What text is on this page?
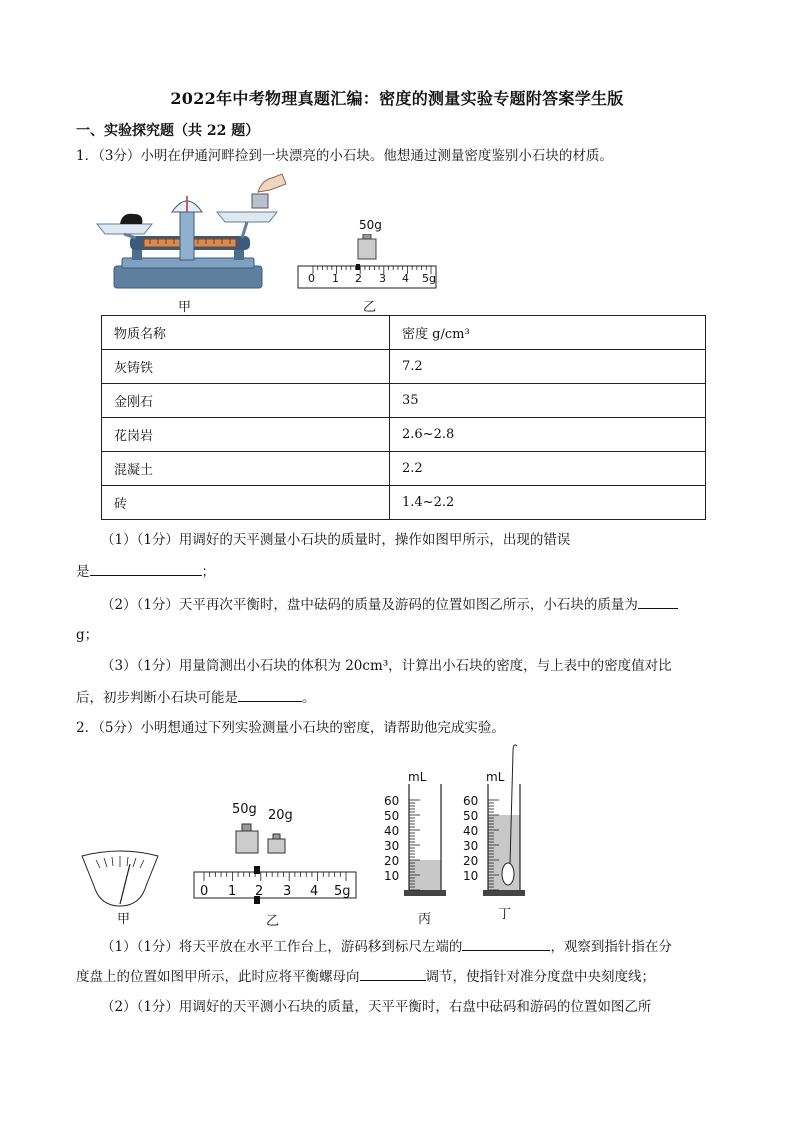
2022年中考物理真题汇编：密度的测量实验专题附答案学生版
一、实验探究题（共 22 题）
1．（3分）小明在伊通河畔捡到一块漂亮的小石块。他想通过测量密度鉴别小石块的材质。
甲
50g
0 1 2 3 4 5g
乙
物质名称	密度 g/cm³
灰铸铁	7.2
金刚石	35
花岗岩	2.6~2.8
混凝土	2.2
砖	1.4~2.2
（1）（1分）用调好的天平测量小石块的质量时，操作如图甲所示，出现的错误
是	；
（2）（1分）天平再次平衡时，盘中砝码的质量及游码的位置如图乙所示，小石块的质量为
g；
（3）（1分）用量筒测出小石块的体积为 20cm³，计算出小石块的密度，与上表中的密度值对比
后，初步判断小石块可能是	。
2．（5分）小明想通过下列实验测量小石块的密度，请帮助他完成实验。
甲
50g 20g
0 1 2 3 4 5g
乙
mL
60
50
40
30
20
10
丙
mL
60
50
40
30
20
10
丁
（1）（1分）将天平放在水平工作台上，游码移到标尺左端的	，观察到指针指在分
度盘上的位置如图甲所示，此时应将平衡螺母向	调节，使指针对准分度盘中央刻度线；
（2）（1分）用调好的天平测小石块的质量，天平平衡时，右盘中砝码和游码的位置如图乙所
